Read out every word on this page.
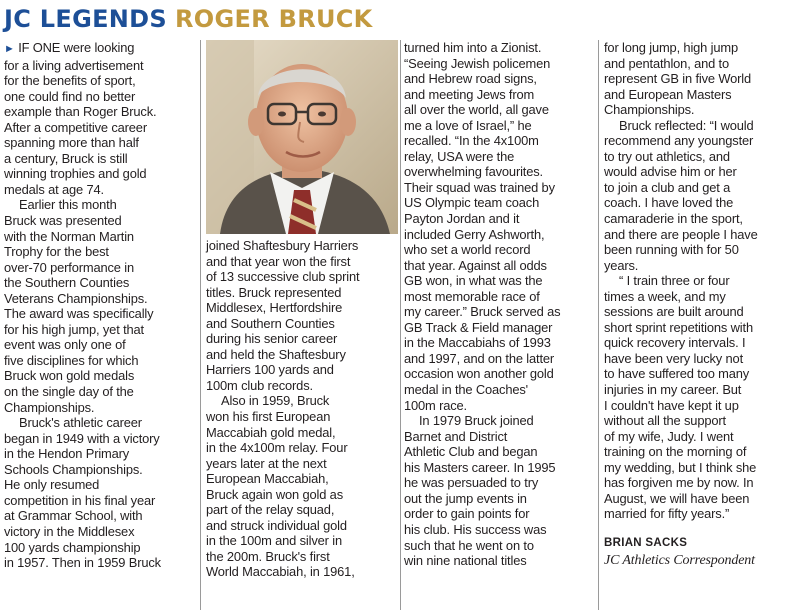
JC LEGENDS ROGER BRUCK
► IF ONE were looking
for a living advertisement
for the benefits of sport,
one could find no better
example than Roger Bruck.
After a competitive career
spanning more than half
a century, Bruck is still
winning trophies and gold
medals at age 74.
Earlier this month
Bruck was presented
with the Norman Martin
Trophy for the best
over-70 performance in
the Southern Counties
Veterans Championships.
The award was specifically
for his high jump, yet that
event was only one of
five disciplines for which
Bruck won gold medals
on the single day of the
Championships.
Bruck's athletic career
began in 1949 with a victory
in the Hendon Primary
Schools Championships.
He only resumed
competition in his final year
at Grammar School, with
victory in the Middlesex
100 yards championship
in 1957. Then in 1959 Bruck
joined Shaftesbury Harriers
and that year won the first
of 13 successive club sprint
titles. Bruck represented
Middlesex, Hertfordshire
and Southern Counties
during his senior career
and held the Shaftesbury
Harriers 100 yards and
100m club records.
Also in 1959, Bruck
won his first European
Maccabiah gold medal,
in the 4x100m relay. Four
years later at the next
European Maccabiah,
Bruck again won gold as
part of the relay squad,
and struck individual gold
in the 100m and silver in
the 200m. Bruck's first
World Maccabiah, in 1961,
turned him into a Zionist.
“Seeing Jewish policemen
and Hebrew road signs,
and meeting Jews from
all over the world, all gave
me a love of Israel,” he
recalled. “In the 4x100m
relay, USA were the
overwhelming favourites.
Their squad was trained by
US Olympic team coach
Payton Jordan and it
included Gerry Ashworth,
who set a world record
that year. Against all odds
GB won, in what was the
most memorable race of
my career.” Bruck served as
GB Track & Field manager
in the Maccabiahs of 1993
and 1997, and on the latter
occasion won another gold
medal in the Coaches'
100m race.
In 1979 Bruck joined
Barnet and District
Athletic Club and began
his Masters career. In 1995
he was persuaded to try
out the jump events in
order to gain points for
his club. His success was
such that he went on to
win nine national titles
for long jump, high jump
and pentathlon, and to
represent GB in five World
and European Masters
Championships.
Bruck reflected: “I would
recommend any youngster
to try out athletics, and
would advise him or her
to join a club and get a
coach. I have loved the
camaraderie in the sport,
and there are people I have
been running with for 50
years.
“ I train three or four
times a week, and my
sessions are built around
short sprint repetitions with
quick recovery intervals. I
have been very lucky not
to have suffered too many
injuries in my career. But
I couldn't have kept it up
without all the support
of my wife, Judy. I went
training on the morning of
my wedding, but I think she
has forgiven me by now. In
August, we will have been
married for fifty years.”
BRIAN SACKS
JC Athletics Correspondent
